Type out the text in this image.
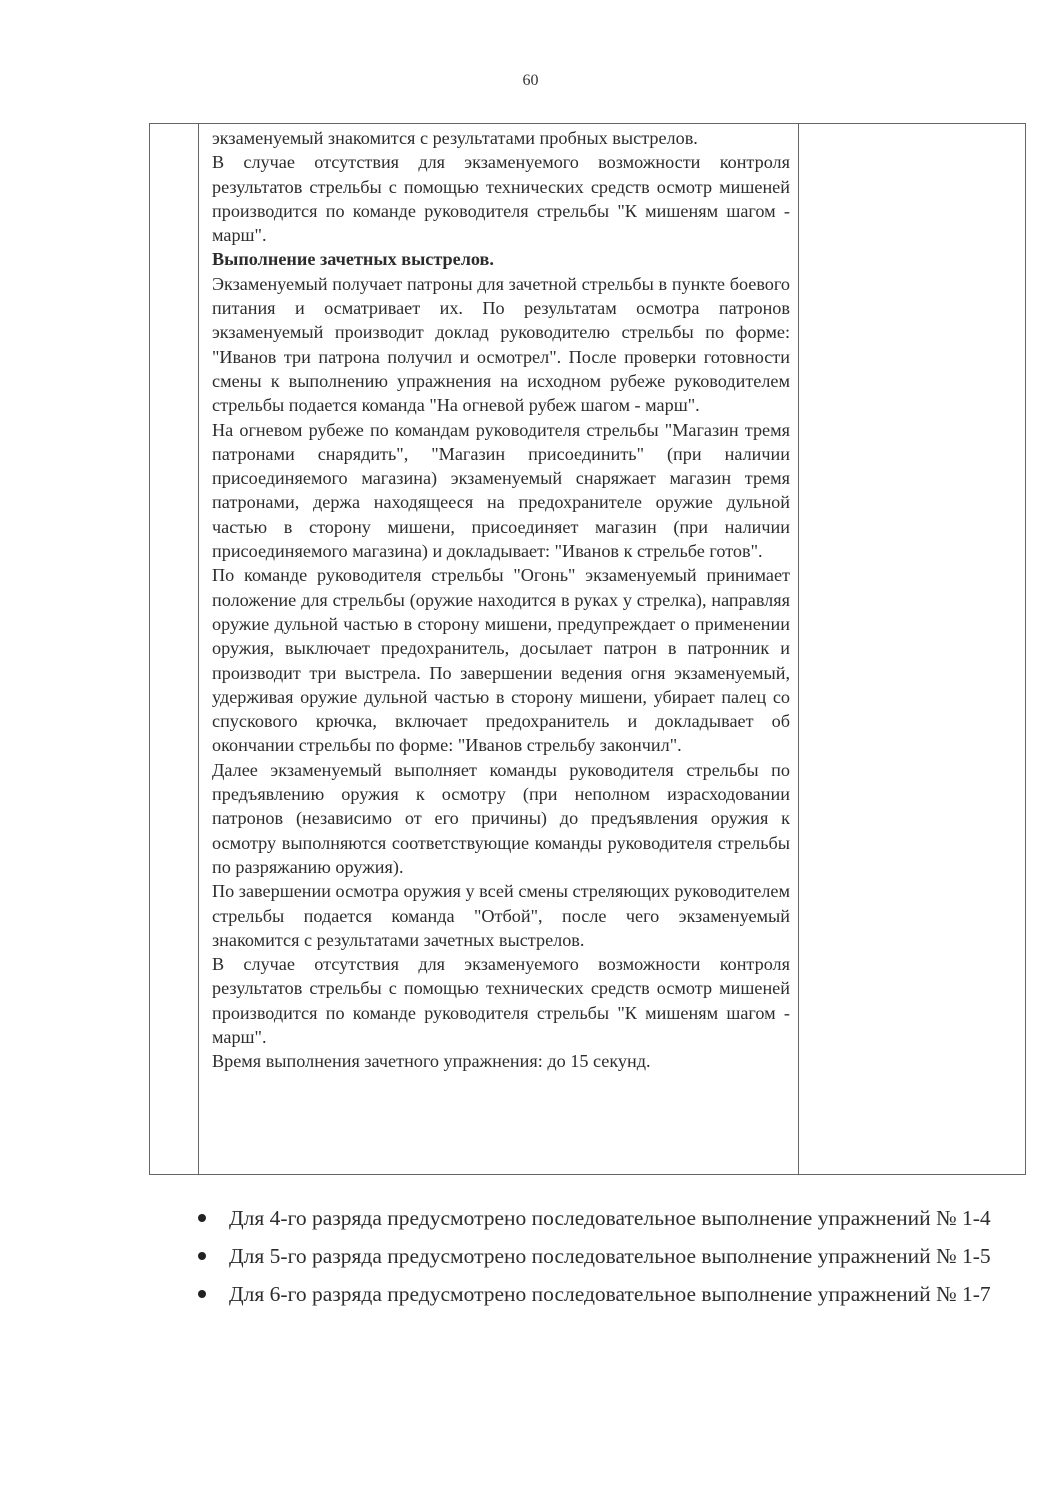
60

экзаменуемый знакомится с результатами пробных выстрелов.

В случае отсутствия для экзаменуемого возможности контроля результатов стрельбы с помощью технических средств осмотр мишеней производится по команде руководителя стрельбы "К мишеням шагом - марш".

Выполнение зачетных выстрелов.

Экзаменуемый получает патроны для зачетной стрельбы в пункте боевого питания и осматривает их. По результатам осмотра патронов экзаменуемый производит доклад руководителю стрельбы по форме: "Иванов три патрона получил и осмотрел". После проверки готовности смены к выполнению упражнения на исходном рубеже руководителем стрельбы подается команда "На огневой рубеж шагом - марш".

На огневом рубеже по командам руководителя стрельбы "Магазин тремя патронами снарядить", "Магазин присоединить" (при наличии присоединяемого магазина) экзаменуемый снаряжает магазин тремя патронами, держа находящееся на предохранителе оружие дульной частью в сторону мишени, присоединяет магазин (при наличии присоединяемого магазина) и докладывает: "Иванов к стрельбе готов".

По команде руководителя стрельбы "Огонь" экзаменуемый принимает положение для стрельбы (оружие находится в руках у стрелка), направляя оружие дульной частью в сторону мишени, предупреждает о применении оружия, выключает предохранитель, досылает патрон в патронник и производит три выстрела. По завершении ведения огня экзаменуемый, удерживая оружие дульной частью в сторону мишени, убирает палец со спускового крючка, включает предохранитель и докладывает об окончании стрельбы по форме: "Иванов стрельбу закончил".

Далее экзаменуемый выполняет команды руководителя стрельбы по предъявлению оружия к осмотру (при неполном израсходовании патронов (независимо от его причины) до предъявления оружия к осмотру выполняются соответствующие команды руководителя стрельбы по разряжанию оружия).

По завершении осмотра оружия у всей смены стреляющих руководителем стрельбы подается команда "Отбой", после чего экзаменуемый знакомится с результатами зачетных выстрелов.

В случае отсутствия для экзаменуемого возможности контроля результатов стрельбы с помощью технических средств осмотр мишеней производится по команде руководителя стрельбы "К мишеням шагом - марш".

Время выполнения зачетного упражнения: до 15 секунд.

Для 4-го разряда предусмотрено последовательное выполнение упражнений № 1-4
Для 5-го разряда предусмотрено последовательное выполнение упражнений № 1-5
Для 6-го разряда предусмотрено последовательное выполнение упражнений № 1-7
